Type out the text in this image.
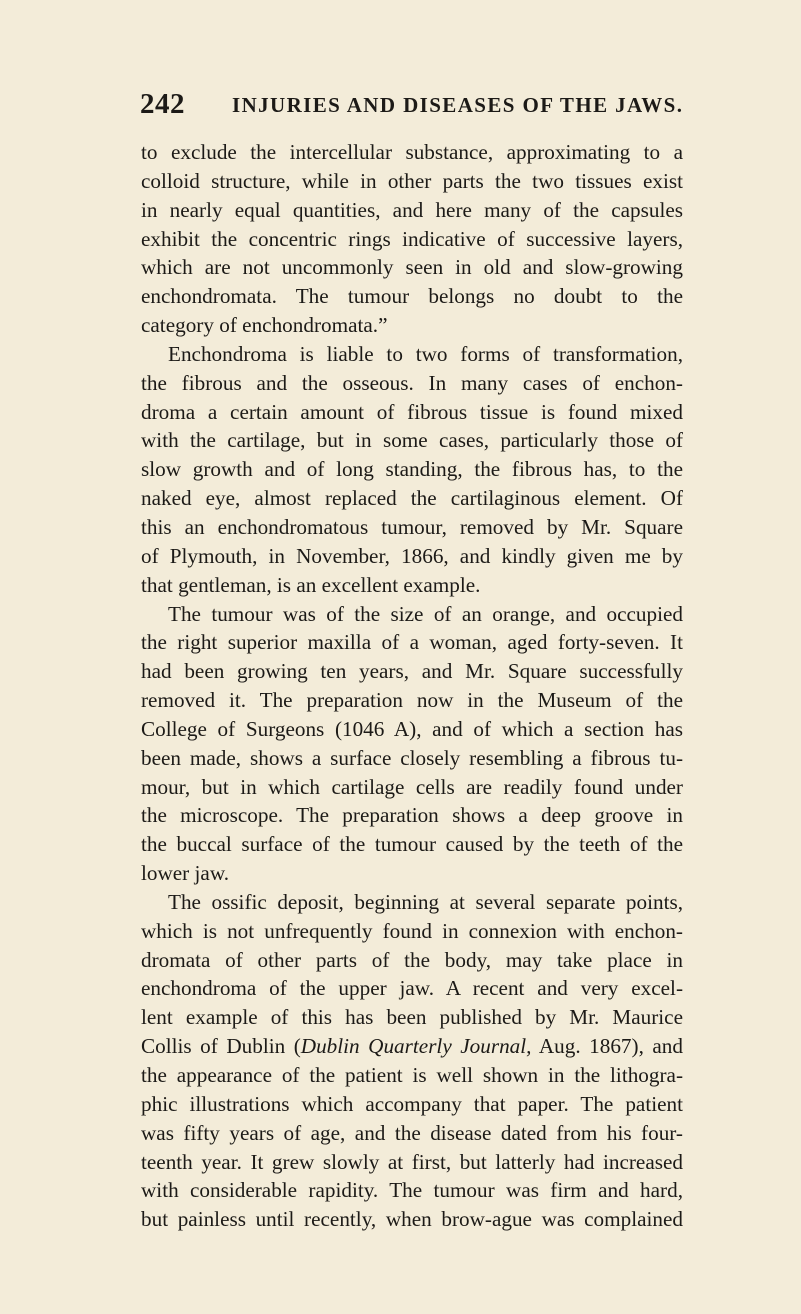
242 INJURIES AND DISEASES OF THE JAWS.
to exclude the intercellular substance, approximating to a
colloid structure, while in other parts the two tissues exist
in nearly equal quantities, and here many of the capsules
exhibit the concentric rings indicative of successive layers,
which are not uncommonly seen in old and slow-growing
enchondromata. The tumour belongs no doubt to the
category of enchondromata.”
Enchondroma is liable to two forms of transformation,
the fibrous and the osseous. In many cases of enchon-
droma a certain amount of fibrous tissue is found mixed
with the cartilage, but in some cases, particularly those of
slow growth and of long standing, the fibrous has, to the
naked eye, almost replaced the cartilaginous element. Of
this an enchondromatous tumour, removed by Mr. Square
of Plymouth, in November, 1866, and kindly given me by
that gentleman, is an excellent example.
The tumour was of the size of an orange, and occupied
the right superior maxilla of a woman, aged forty-seven. It
had been growing ten years, and Mr. Square successfully
removed it. The preparation now in the Museum of the
College of Surgeons (1046 A), and of which a section has
been made, shows a surface closely resembling a fibrous tu-
mour, but in which cartilage cells are readily found under
the microscope. The preparation shows a deep groove in
the buccal surface of the tumour caused by the teeth of the
lower jaw.
The ossific deposit, beginning at several separate points,
which is not unfrequently found in connexion with enchon-
dromata of other parts of the body, may take place in
enchondroma of the upper jaw. A recent and very excel-
lent example of this has been published by Mr. Maurice
Collis of Dublin (Dublin Quarterly Journal, Aug. 1867), and
the appearance of the patient is well shown in the lithogra-
phic illustrations which accompany that paper. The patient
was fifty years of age, and the disease dated from his four-
teenth year. It grew slowly at first, but latterly had increased
with considerable rapidity. The tumour was firm and hard,
but painless until recently, when brow-ague was complained
